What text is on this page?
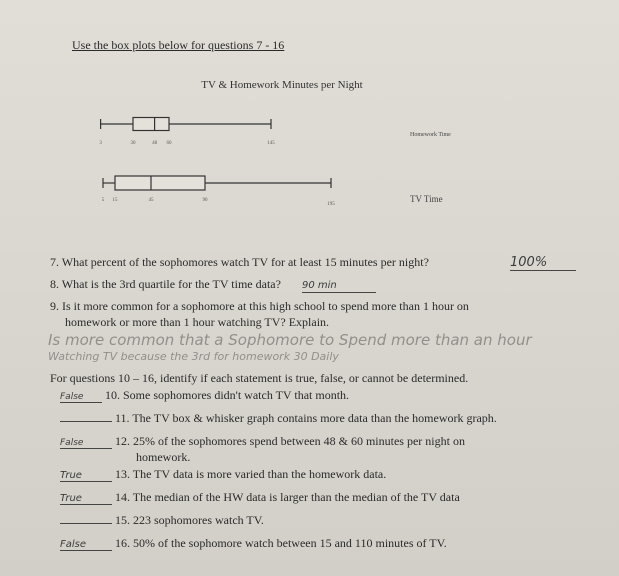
Use the box plots below for questions 7 - 16
TV & Homework Minutes per Night
3	30	48 60	145
Homework Time
5 15	45	90
195
TV Time
7. What percent of the sophomores watch TV for at least 15 minutes per night?	100%
8. What is the 3rd quartile for the TV time data? 90 min
9. Is it more common for a sophomore at this high school to spend more than 1 hour on
homework or more than 1 hour watching TV? Explain.
Is more common that a Sophomore to Spend more than an hour
Watching TV because the 3rd for homework 30 Daily
For questions 10 – 16, identify if each statement is true, false, or cannot be determined.
False 10. Some sophomores didn't watch TV that month.
11. The TV box & whisker graph contains more data than the homework graph.
False	12. 25% of the sophomores spend between 48 & 60 minutes per night on
homework.
True	13. The TV data is more varied than the homework data.
True	14. The median of the HW data is larger than the median of the TV data
15. 223 sophomores watch TV.
False 16. 50% of the sophomore watch between 15 and 110 minutes of TV.
